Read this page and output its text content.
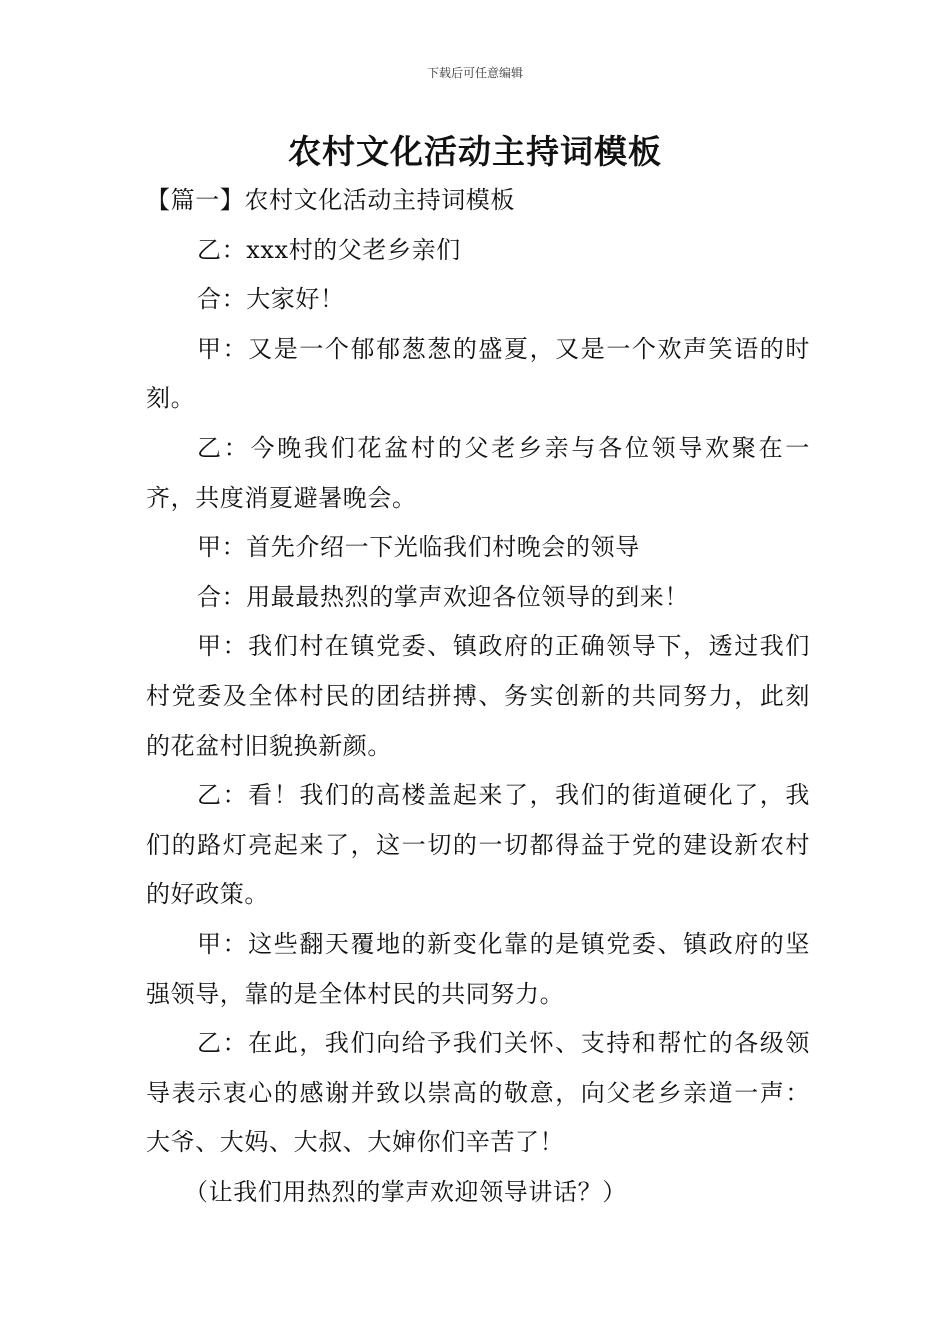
下载后可任意编辑
农村文化活动主持词模板

【篇一】农村文化活动主持词模板

乙：xxx村的父老乡亲们

合：大家好！

甲：又是一个郁郁葱葱的盛夏，又是一个欢声笑语的时刻。

乙：今晚我们花盆村的父老乡亲与各位领导欢聚在一齐，共度消夏避暑晚会。

甲：首先介绍一下光临我们村晚会的领导

合：用最最热烈的掌声欢迎各位领导的到来！

甲：我们村在镇党委、镇政府的正确领导下，透过我们村党委及全体村民的团结拼搏、务实创新的共同努力，此刻的花盆村旧貌换新颜。

乙：看！我们的高楼盖起来了，我们的街道硬化了，我们的路灯亮起来了，这一切的一切都得益于党的建设新农村的好政策。

甲：这些翻天覆地的新变化靠的是镇党委、镇政府的坚强领导，靠的是全体村民的共同努力。

乙：在此，我们向给予我们关怀、支持和帮忙的各级领导表示衷心的感谢并致以崇高的敬意，向父老乡亲道一声：大爷、大妈、大叔、大婶你们辛苦了！

（让我们用热烈的掌声欢迎领导讲话？）
